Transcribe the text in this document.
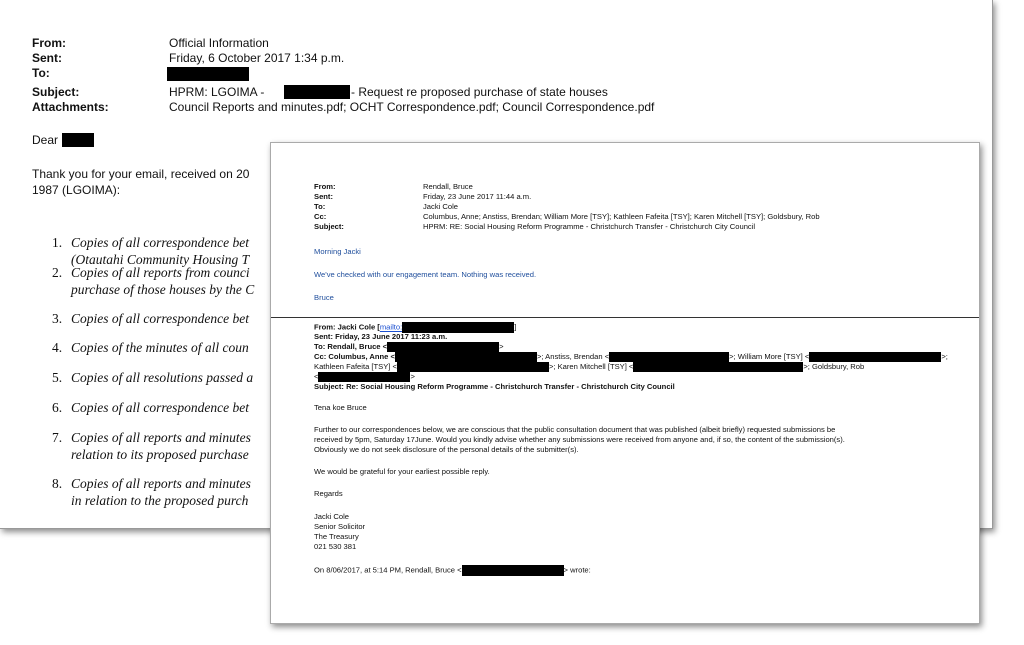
From:	Official Information
Sent:	Friday, 6 October 2017 1:34 p.m.
To:
Subject:	HPRM: LGOIMA -	- Request re proposed purchase of state houses
Attachments:	Council Reports and minutes.pdf; OCHT Correspondence.pdf; Council Correspondence.pdf
Dear
Thank you for your email, received on 20
1987 (LGOIMA):
1. Copies of all correspondence bet
(Otautahi Community Housing T
2. Copies of all reports from counci
purchase of those houses by the C
3. Copies of all correspondence bet
4. Copies of the minutes of all coun
5. Copies of all resolutions passed a
6. Copies of all correspondence bet
7. Copies of all reports and minutes
relation to its proposed purchase
8. Copies of all reports and minutes
in relation to the proposed purch
From:	Rendall, Bruce
Sent:	Friday, 23 June 2017 11:44 a.m.
To:	Jacki Cole
Cc:	Columbus, Anne; Anstiss, Brendan; William More [TSY]; Kathleen Fafeita [TSY]; Karen Mitchell [TSY]; Goldsbury, Rob
Subject:	HPRM: RE: Social Housing Reform Programme - Christchurch Transfer - Christchurch City Council
Morning Jacki
We've checked with our engagement team. Nothing was received.
Bruce
From: Jacki Cole [mailto:	]
Sent: Friday, 23 June 2017 11:23 a.m.
To: Rendall, Bruce <	>
Cc: Columbus, Anne <	>; Anstiss, Brendan <	>; William More [TSY] <	>;
Kathleen Fafeita [TSY] <	>; Karen Mitchell [TSY] <	>; Goldsbury, Rob
<	>
Subject: Re: Social Housing Reform Programme - Christchurch Transfer - Christchurch City Council
Tena koe Bruce
Further to our correspondences below, we are conscious that the public consultation document that was published (albeit briefly) requested submissions be
received by 5pm, Saturday 17June. Would you kindly advise whether any submissions were received from anyone and, if so, the content of the submission(s).
Obviously we do not seek disclosure of the personal details of the submitter(s).
We would be grateful for your earliest possible reply.
Regards
Jacki Cole
Senior Solicitor
The Treasury
021 530 381
On 8/06/2017, at 5:14 PM, Rendall, Bruce <	> wrote:
